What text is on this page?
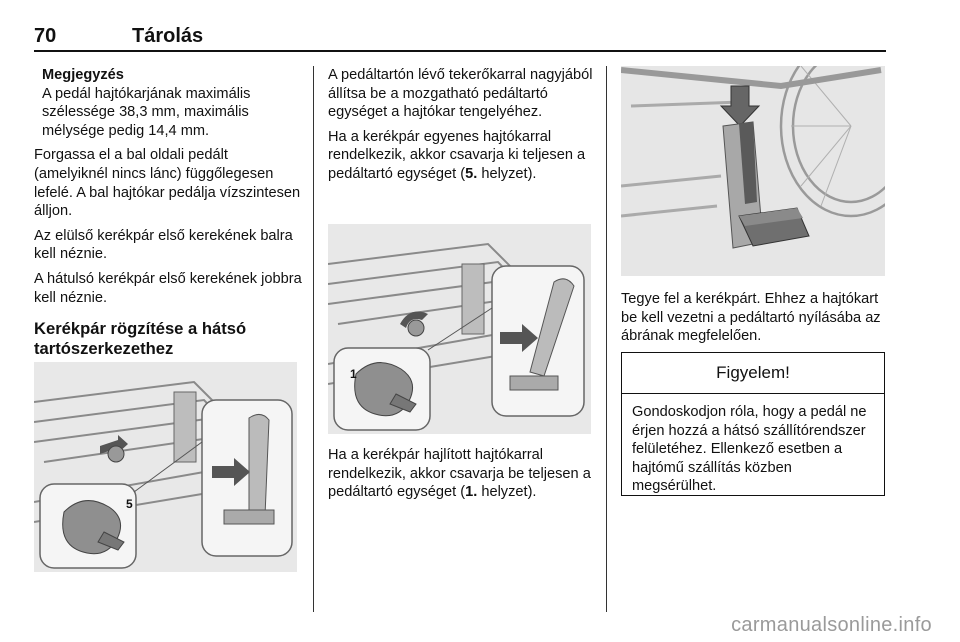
70	Tárolás
Megjegyzés
A pedál hajtókarjának maximális szélessége 38,3 mm, maximális mélysége pedig 14,4 mm.

Forgassa el a bal oldali pedált (amelyiknél nincs lánc) függőlegesen lefelé. A bal hajtókar pedálja vízszintesen álljon.

Az elülső kerékpár első kerekének balra kell néznie.

A hátulsó kerékpár első kerekének jobbra kell néznie.

Kerékpár rögzítése a hátsó tartószerkezethez
5

A pedáltartón lévő tekerőkarral nagyjából állítsa be a mozgatható pedáltartó egységet a hajtókar tengelyéhez.

Ha a kerékpár egyenes hajtókarral rendelkezik, akkor csavarja ki teljesen a pedáltartó egységet (5. helyzet).

1

Ha a kerékpár hajlított hajtókarral rendelkezik, akkor csavarja be teljesen a pedáltartó egységet (1. helyzet).

Tegye fel a kerékpárt. Ehhez a hajtókart be kell vezetni a pedáltartó nyílásába az ábrának megfelelően.

Figyelem!
Gondoskodjon róla, hogy a pedál ne érjen hozzá a hátsó szállítórendszer felületéhez. Ellenkező esetben a hajtómű szállítás közben megsérülhet.
carmanualsonline.info
